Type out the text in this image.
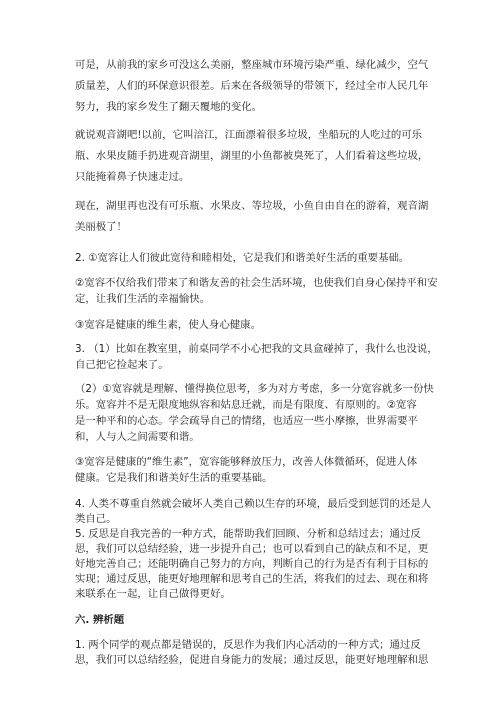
可是，从前我的家乡可没这么美丽，整座城市环境污染严重、绿化减少，空气
质量差，人们的环保意识很差。后来在各级领导的带领下，经过全市人民几年
努力，我的家乡发生了翻天覆地的变化。
就说观音湖吧!以前，它叫涪江，江面漂着很多垃圾，坐船玩的人吃过的可乐
瓶、水果皮随手扔进观音湖里，湖里的小鱼都被臭死了，人们看着这些垃圾，
只能掩着鼻子快速走过。
现在，湖里再也没有可乐瓶、水果皮、等垃圾，小鱼自由自在的游着，观音湖
美丽极了！
2. ①宽容让人们彼此宽待和睦相处，它是我们和谐美好生活的重要基础。
②宽容不仅给我们带来了和谐友善的社会生活环境，也使我们自身心保持平和安
定，让我们生活的幸福愉快。
③宽容是健康的维生素，使人身心健康。
3. （1）比如在教室里，前桌同学不小心把我的文具盒碰掉了，我什么也没说，
自己把它捡起来了。
（2）①宽容就是理解、懂得换位思考，多为对方考虑，多一分宽容就多一份快
乐。宽容并不是无限度地纵容和姑息迁就，而是有限度、有原则的。②宽容
是一种平和的心态。学会疏导自己的情绪，也适应一些小摩擦，世界需要平
和，人与人之间需要和谐。
③宽容是健康的“维生素”，宽容能够释放压力，改善人体微循环，促进人体
健康。它是我们和谐美好生活的重要基础。
4. 人类不尊重自然就会破坏人类自己赖以生存的环境，最后受到惩罚的还是人
类自己。
5. 反思是自我完善的一种方式，能帮助我们回顾、分析和总结过去；通过反
思，我们可以总结经验，进一步提升自己；也可以看到自己的缺点和不足，更
好地完善自己；还能明确自己努力的方向，判断自己的行为是否有利于目标的
实现；通过反思，能更好地理解和思考自己的生活，将我们的过去、现在和将
来联系在一起，让自己做得更好。
六. 辨析题
1. 两个同学的观点都是错误的，反思作为我们内心活动的一种方式；通过反
思，我们可以总结经验，促进自身能力的发展；通过反思，能更好地理解和思
